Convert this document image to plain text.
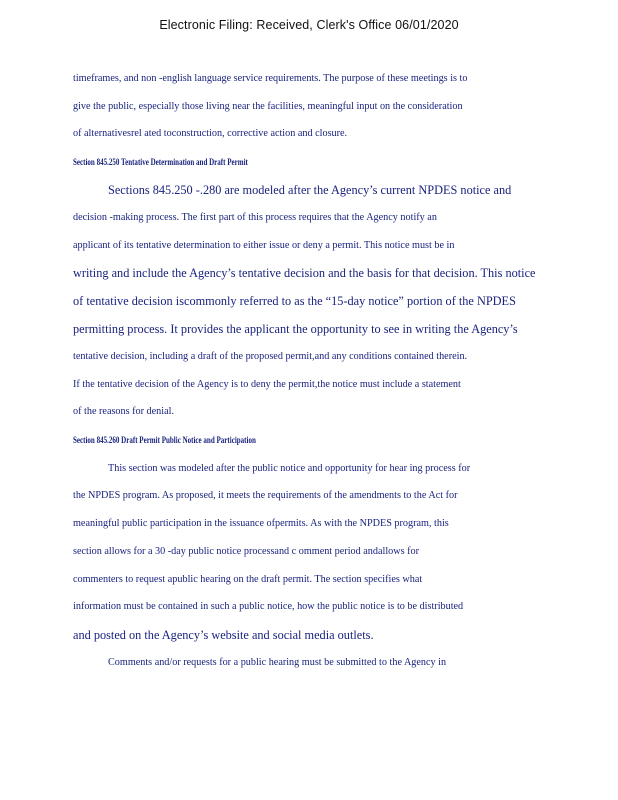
Electronic Filing: Received, Clerk's Office 06/01/2020
timeframes, and non -english language service requirements. The purpose of these meetings is to
give the public, especially those living near the facilities, meaningful input on the consideration
of alternativesrel ated toconstruction, corrective action and closure.
Section 845.250 Tentative Determination and Draft Permit
Sections 845.250 -.280 are modeled after the Agency’s current NPDES notice and
decision -making process. The first part of this process requires that the Agency notify an
applicant of its tentative determination to either issue or deny a permit. This notice must be in
writing and include the Agency’s tentative decision and the basis for that decision. This notice
of tentative decision iscommonly referred to as the “15-day notice” portion of the NPDES
permitting process. It provides the applicant the opportunity to see in writing the Agency’s
tentative decision, including a draft of the proposed permit,and any conditions contained therein.
If the tentative decision of the Agency is to deny the permit,the notice must include a statement
of the reasons for denial.
Section 845.260 Draft Permit Public Notice and Participation
This section was modeled after the public notice and opportunity for hear ing process for
the NPDES program. As proposed, it meets the requirements of the amendments to the Act for
meaningful public participation in the issuance ofpermits. As with the NPDES program, this
section allows for a 30 -day public notice processand c omment period andallows for
commenters to request apublic hearing on the draft permit. The section specifies what
information must be contained in such a public notice, how the public notice is to be distributed
and posted on the Agency’s website and social media outlets.
Comments and/or requests for a public hearing must be submitted to the Agency in
